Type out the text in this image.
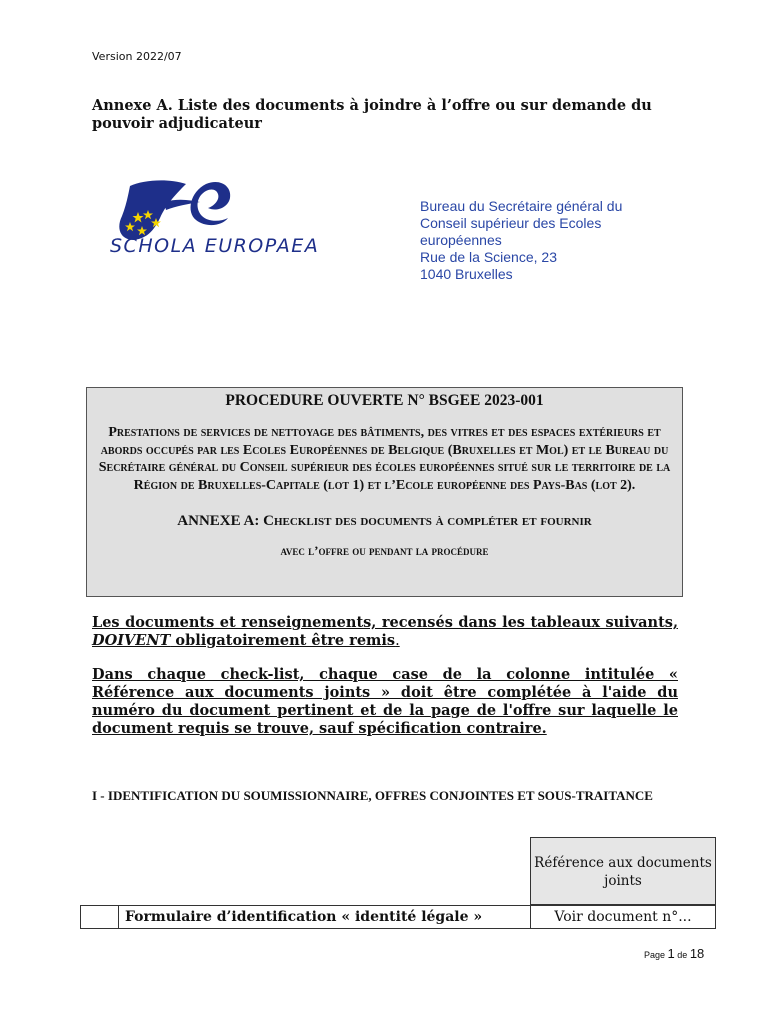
Version 2022/07
Annexe A. Liste des documents à joindre à l’offre ou sur demande du pouvoir adjudicateur
SCHOLA EUROPAEA
Bureau du Secrétaire général du
Conseil supérieur des Ecoles
européennes
Rue de la Science, 23
1040 Bruxelles
PROCEDURE OUVERTE N° BSGEE 2023-001
Prestations de services de nettoyage des bâtiments, des vitres et des espaces extérieurs et abords occupés par les Ecoles Européennes de Belgique (Bruxelles et Mol) et le Bureau du Secrétaire général du Conseil supérieur des écoles européennes situé sur le territoire de la Région de Bruxelles-Capitale (lot 1) et l’Ecole européenne des Pays-Bas (lot 2).
ANNEXE A: Checklist des documents à compléter et fournir
avec l’offre ou pendant la procédure
Les documents et renseignements, recensés dans les tableaux suivants, DOIVENT obligatoirement être remis.
Dans chaque check-list, chaque case de la colonne intitulée « Référence aux documents joints » doit être complétée à l'aide du numéro du document pertinent et de la page de l'offre sur laquelle le document requis se trouve, sauf spécification contraire.
I - IDENTIFICATION DU SOUMISSIONNAIRE, OFFRES CONJOINTES ET SOUS-TRAITANCE
Référence aux documents joints
Formulaire d’identification « identité légale »	Voir document n°...
Page 1 de 18
